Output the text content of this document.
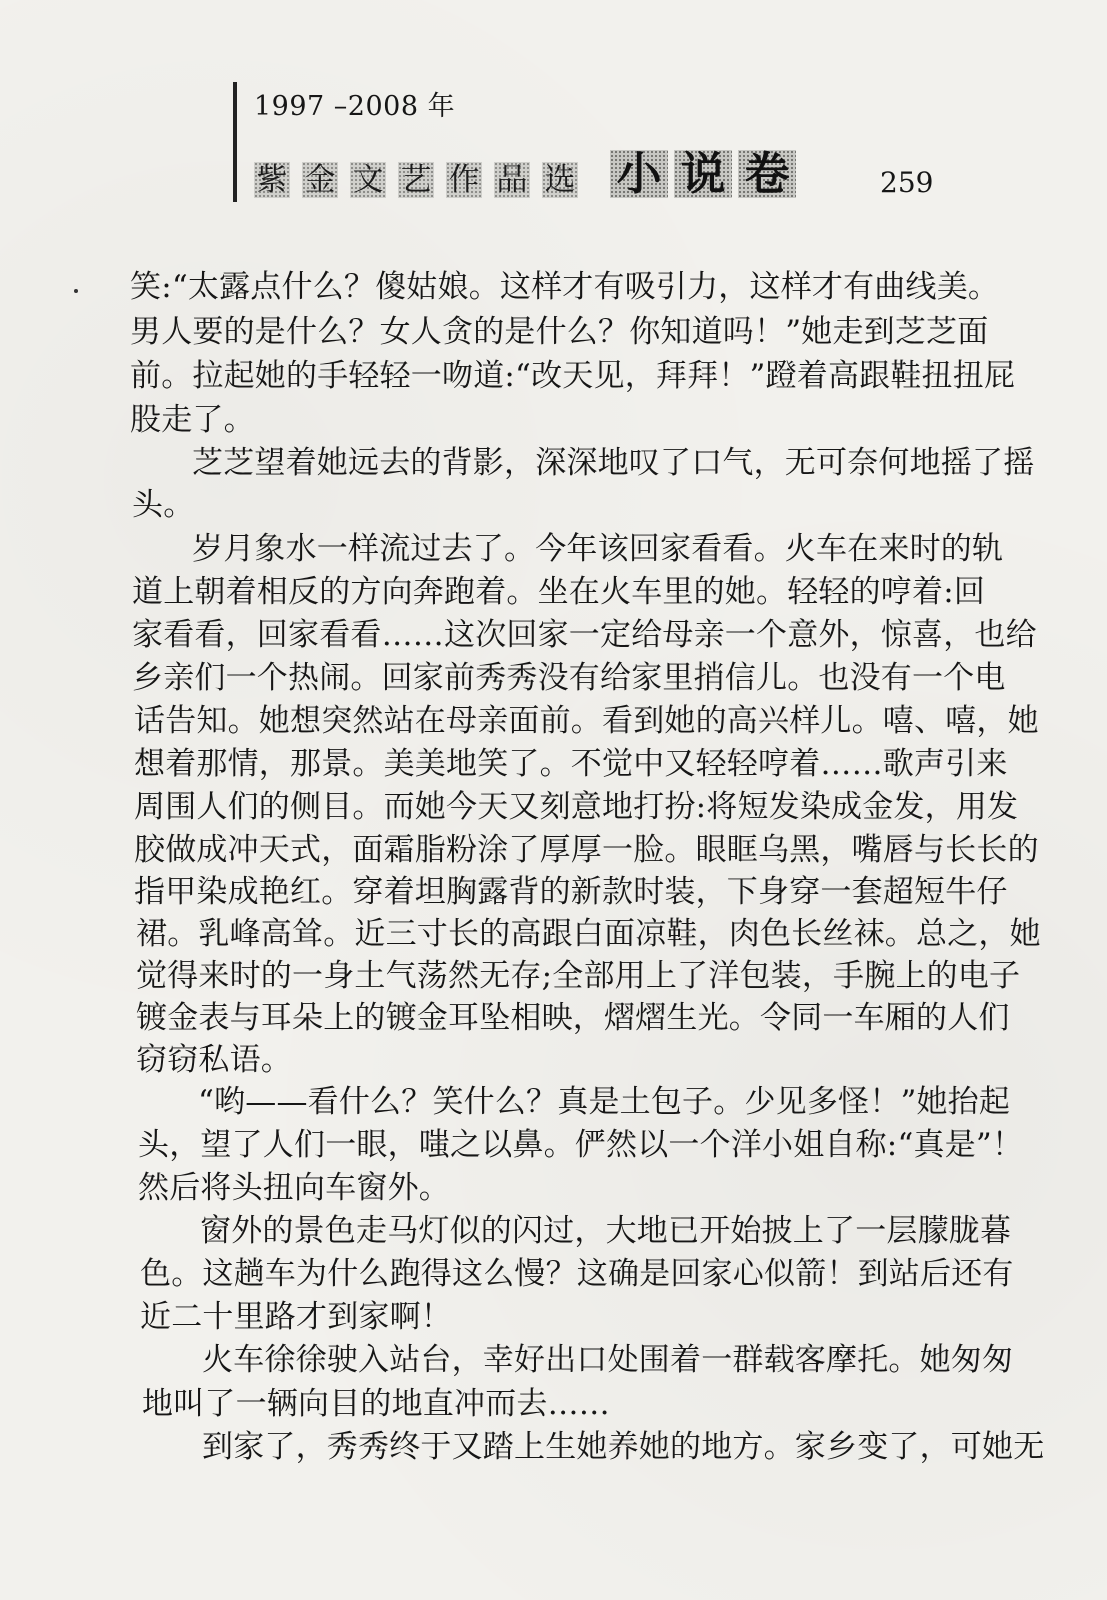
1997 –2008 年
紫 金 文 艺 作 品 选 小 说 卷	259
笑:“太露点什么？傻姑娘。这样才有吸引力，这样才有曲线美。
男人要的是什么？女人贪的是什么？你知道吗！”她走到芝芝面
前。拉起她的手轻轻一吻道:“改天见，拜拜！”蹬着高跟鞋扭扭屁
股走了。
芝芝望着她远去的背影，深深地叹了口气，无可奈何地摇了摇
头。
岁月象水一样流过去了。今年该回家看看。火车在来时的轨
道上朝着相反的方向奔跑着。坐在火车里的她。轻轻的哼着:回
家看看，回家看看……这次回家一定给母亲一个意外，惊喜，也给
乡亲们一个热闹。回家前秀秀没有给家里捎信儿。也没有一个电
话告知。她想突然站在母亲面前。看到她的高兴样儿。嘻、嘻，她
想着那情，那景。美美地笑了。不觉中又轻轻哼着……歌声引来
周围人们的侧目。而她今天又刻意地打扮:将短发染成金发，用发
胶做成冲天式，面霜脂粉涂了厚厚一脸。眼眶乌黑，嘴唇与长长的
指甲染成艳红。穿着坦胸露背的新款时装，下身穿一套超短牛仔
裙。乳峰高耸。近三寸长的高跟白面凉鞋，肉色长丝袜。总之，她
觉得来时的一身土气荡然无存;全部用上了洋包装，手腕上的电子
镀金表与耳朵上的镀金耳坠相映，熠熠生光。令同一车厢的人们
窃窃私语。
“哟——看什么？笑什么？真是土包子。少见多怪！”她抬起
头，望了人们一眼，嗤之以鼻。俨然以一个洋小姐自称:“真是”！
然后将头扭向车窗外。
窗外的景色走马灯似的闪过，大地已开始披上了一层朦胧暮
色。这趟车为什么跑得这么慢？这确是回家心似箭！到站后还有
近二十里路才到家啊！
火车徐徐驶入站台，幸好出口处围着一群载客摩托。她匆匆
地叫了一辆向目的地直冲而去……
到家了，秀秀终于又踏上生她养她的地方。家乡变了，可她无
